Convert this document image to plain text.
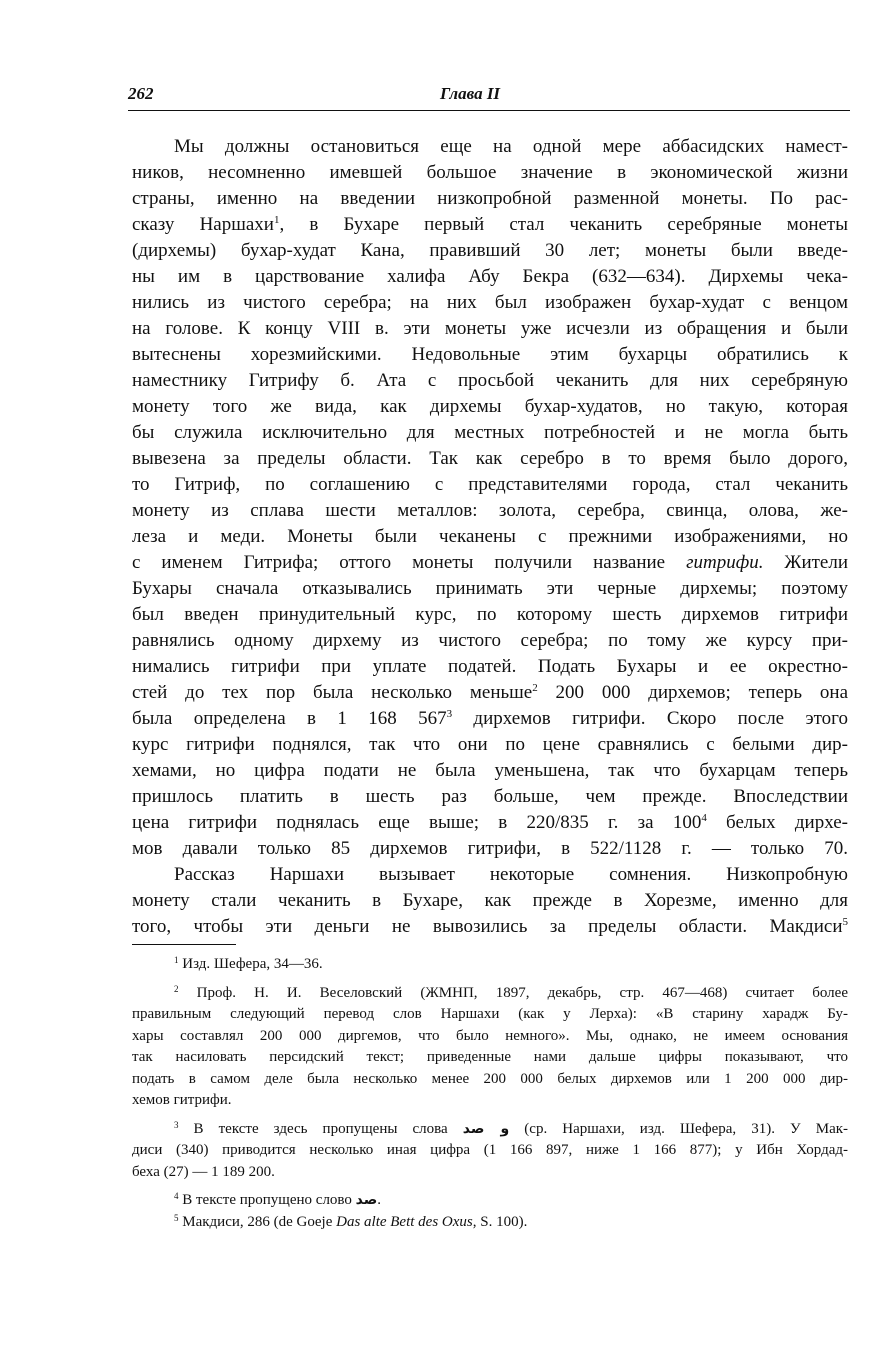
262	Глава II
Мы должны остановиться еще на одной мере аббасидских намест-
ников, несомненно имевшей большое значение в экономической жизни
страны, именно на введении низкопробной разменной монеты. По рас-
сказу Наршахи$^1$, в Бухаре первый стал чеканить серебряные монеты
(дирхемы) бухар-худат Кана, правивший 30 лет; монеты были введе-
ны им в царствование халифа Абу Бекра (632—634). Дирхемы чека-
нились из чистого серебра; на них был изображен бухар-худат с венцом
на голове. К концу VIII в. эти монеты уже исчезли из обращения и были
вытеснены хорезмийскими. Недовольные этим бухарцы обратились к
наместнику Гитрифу б. Ата с просьбой чеканить для них серебряную
монету того же вида, как дирхемы бухар-худатов, но такую, которая
бы служила исключительно для местных потребностей и не могла быть
вывезена за пределы области. Так как серебро в то время было дорого,
то Гитриф, по соглашению с представителями города, стал чеканить
монету из сплава шести металлов: золота, серебра, свинца, олова, же-
леза и меди. Монеты были чеканены с прежними изображениями, но
с именем Гитрифа; оттого монеты получили название гитрифи. Жители
Бухары сначала отказывались принимать эти черные дирхемы; поэтому
был введен принудительный курс, по которому шесть дирхемов гитрифи
равнялись одному дирхему из чистого серебра; по тому же курсу при-
нимались гитрифи при уплате податей. Подать Бухары и ее окрестно-
стей до тех пор была несколько меньше$^2$ 200 000 дирхемов; теперь она
была определена в 1 168 $567^3$ дирхемов гитрифи. Скоро после этого
курс гитрифи поднялся, так что они по цене сравнялись с белыми дир-
хемами, но цифра подати не была уменьшена, так что бухарцам теперь
пришлось платить в шесть раз больше, чем прежде. Впоследствии
цена гитрифи поднялась еще выше; в 220/835 г. за $100^4$ белых дирхе-
мов давали только 85 дирхемов гитрифи, в 522/1128 г. — только 70.
Рассказ Наршахи вызывает некоторые сомнения. Низкопробную
монету стали чеканить в Бухаре, как прежде в Хорезме, именно для
того, чтобы эти деньги не вывозились за пределы области. Макдиси$^5$
$^1$ Изд. Шефера, 34—36.
$^2$ Проф. Н. И. Веселовский (ЖМНП, 1897, декабрь, стр. 467—468) считает более
правильным следующий перевод слов Наршахи (как у Лерха): «В старину харадж Бу-
хары составлял 200 000 диргемов, что было немного». Мы, однако, не имеем основания
так насиловать персидский текст; приведенные нами дальше цифры показывают, что
подать в самом деле была несколько менее 200 000 белых дирхемов или 1 200 000 дир-
хемов гитрифи.
$^3$ В тексте здесь пропущены слова و صد (ср. Наршахи, изд. Шефера, 31). У Мак-
диси (340) приводится несколько иная цифра (1 166 897, ниже 1 166 877); у Ибн Хордад-
беха (27) — 1 189 200.
$^4$ В тексте пропущено слово صد.
$^5$ Макдиси, 286 (de Goeje Das alte Bett des Oxus, S. 100).
